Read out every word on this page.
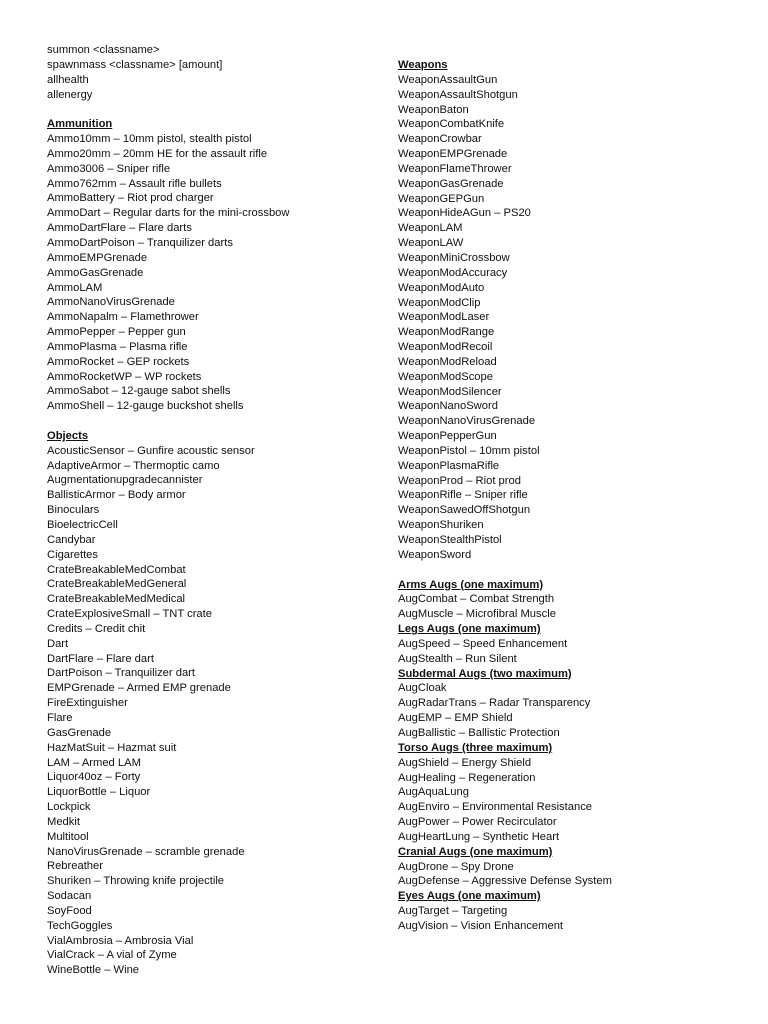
summon <classname>
spawnmass <classname> [amount]
allhealth
allenergy
Ammunition
Ammo10mm – 10mm pistol, stealth pistol
Ammo20mm – 20mm HE for the assault rifle
Ammo3006 – Sniper rifle
Ammo762mm – Assault rifle bullets
AmmoBattery – Riot prod charger
AmmoDart – Regular darts for the mini-crossbow
AmmoDartFlare – Flare darts
AmmoDartPoison – Tranquilizer darts
AmmoEMPGrenade
AmmoGasGrenade
AmmoLAM
AmmoNanoVirusGrenade
AmmoNapalm – Flamethrower
AmmoPepper – Pepper gun
AmmoPlasma – Plasma rifle
AmmoRocket – GEP rockets
AmmoRocketWP – WP rockets
AmmoSabot – 12-gauge sabot shells
AmmoShell – 12-gauge buckshot shells
Objects
AcousticSensor – Gunfire acoustic sensor
AdaptiveArmor – Thermoptic camo
Augmentationupgradecannister
BallisticArmor – Body armor
Binoculars
BioelectricCell
Candybar
Cigarettes
CrateBreakableMedCombat
CrateBreakableMedGeneral
CrateBreakableMedMedical
CrateExplosiveSmall – TNT crate
Credits – Credit chit
Dart
DartFlare – Flare dart
DartPoison – Tranquilizer dart
EMPGrenade – Armed EMP grenade
FireExtinguisher
Flare
GasGrenade
HazMatSuit – Hazmat suit
LAM – Armed LAM
Liquor40oz – Forty
LiquorBottle – Liquor
Lockpick
Medkit
Multitool
NanoVirusGrenade – scramble grenade
Rebreather
Shuriken – Throwing knife projectile
Sodacan
SoyFood
TechGoggles
VialAmbrosia – Ambrosia Vial
VialCrack – A vial of Zyme
WineBottle – Wine
Weapons
WeaponAssaultGun
WeaponAssaultShotgun
WeaponBaton
WeaponCombatKnife
WeaponCrowbar
WeaponEMPGrenade
WeaponFlameThrower
WeaponGasGrenade
WeaponGEPGun
WeaponHideAGun – PS20
WeaponLAM
WeaponLAW
WeaponMiniCrossbow
WeaponModAccuracy
WeaponModAuto
WeaponModClip
WeaponModLaser
WeaponModRange
WeaponModRecoil
WeaponModReload
WeaponModScope
WeaponModSilencer
WeaponNanoSword
WeaponNanoVirusGrenade
WeaponPepperGun
WeaponPistol – 10mm pistol
WeaponPlasmaRifle
WeaponProd – Riot prod
WeaponRifle – Sniper rifle
WeaponSawedOffShotgun
WeaponShuriken
WeaponStealthPistol
WeaponSword
Arms Augs (one maximum)
AugCombat – Combat Strength
AugMuscle – Microfibral Muscle
Legs Augs (one maximum)
AugSpeed – Speed Enhancement
AugStealth – Run Silent
Subdermal Augs (two maximum)
AugCloak
AugRadarTrans – Radar Transparency
AugEMP – EMP Shield
AugBallistic – Ballistic Protection
Torso Augs (three maximum)
AugShield – Energy Shield
AugHealing – Regeneration
AugAquaLung
AugEnviro – Environmental Resistance
AugPower – Power Recirculator
AugHeartLung – Synthetic Heart
Cranial Augs (one maximum)
AugDrone – Spy Drone
AugDefense – Aggressive Defense System
Eyes Augs (one maximum)
AugTarget – Targeting
AugVision – Vision Enhancement
